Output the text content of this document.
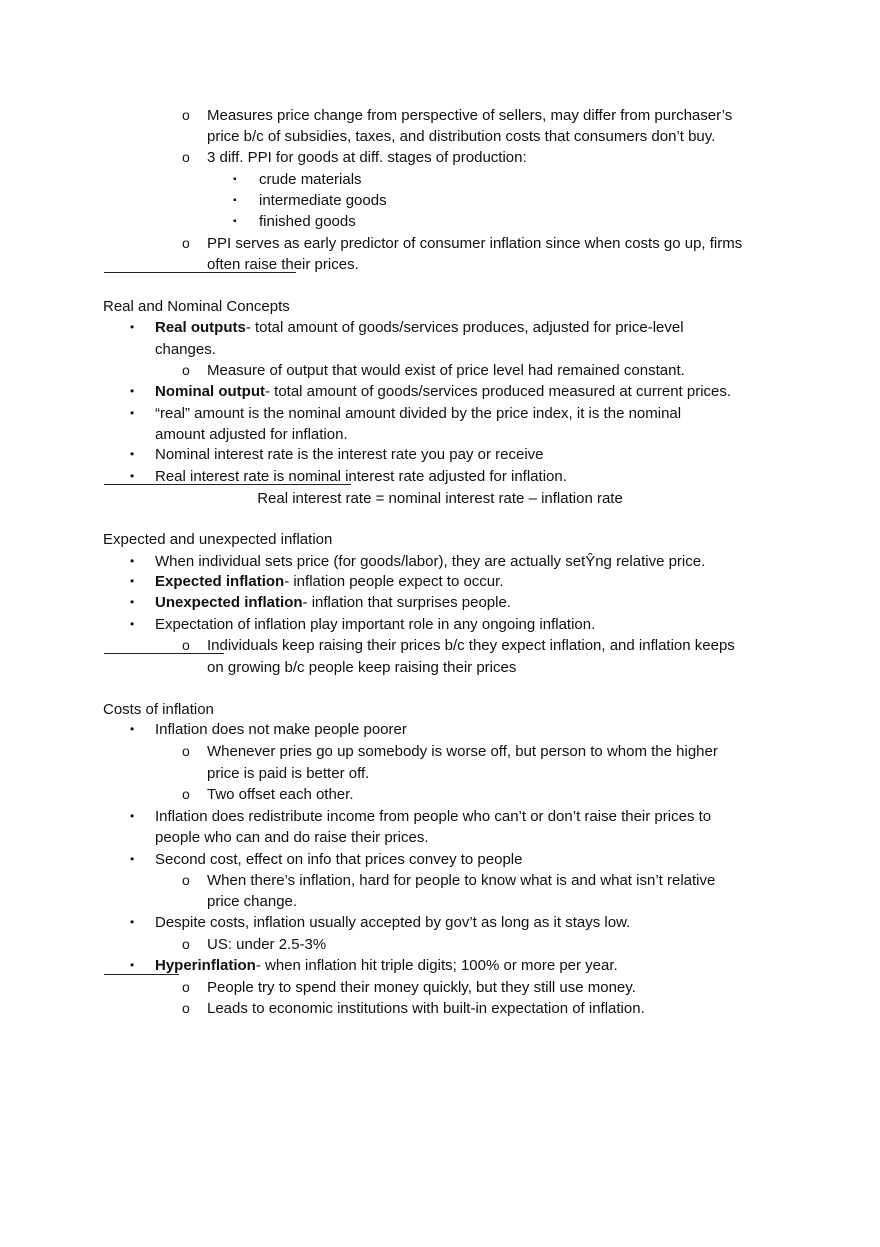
o Measures price change from perspective of sellers, may differ from purchaser’s
price b/c of subsidies, taxes, and distribution costs that consumers don’t buy.
o 3 diff. PPI for goods at diff. stages of production:
▪ crude materials
▪ intermediate goods
▪ finished goods
o PPI serves as early predictor of consumer inflation since when costs go up, firms
often raise their prices.
Real and Nominal Concepts
• Real outputs- total amount of goods/services produces, adjusted for price-level
changes.
o Measure of output that would exist of price level had remained constant.
• Nominal output- total amount of goods/services produced measured at current prices.
• “real” amount is the nominal amount divided by the price index, it is the nominal
amount adjusted for inflation.
• Nominal interest rate is the interest rate you pay or receive
• Real interest rate is nominal interest rate adjusted for inflation.
Real interest rate = nominal interest rate – inflation rate
Expected and unexpected inflation
• When individual sets price (for goods/labor), they are actually setŶng relative price.
• Expected inflation- inflation people expect to occur.
• Unexpected inflation- inflation that surprises people.
• Expectation of inflation play important role in any ongoing inflation.
o Individuals keep raising their prices b/c they expect inflation, and inflation keeps
on growing b/c people keep raising their prices
Costs of inflation
• Inflation does not make people poorer
o Whenever pries go up somebody is worse off, but person to whom the higher
price is paid is better off.
o Two offset each other.
• Inflation does redistribute income from people who can’t or don’t raise their prices to
people who can and do raise their prices.
• Second cost, effect on info that prices convey to people
o When there’s inflation, hard for people to know what is and what isn’t relative
price change.
• Despite costs, inflation usually accepted by gov’t as long as it stays low.
o US: under 2.5-3%
• Hyperinflation- when inflation hit triple digits; 100% or more per year.
o People try to spend their money quickly, but they still use money.
o Leads to economic institutions with built-in expectation of inflation.
